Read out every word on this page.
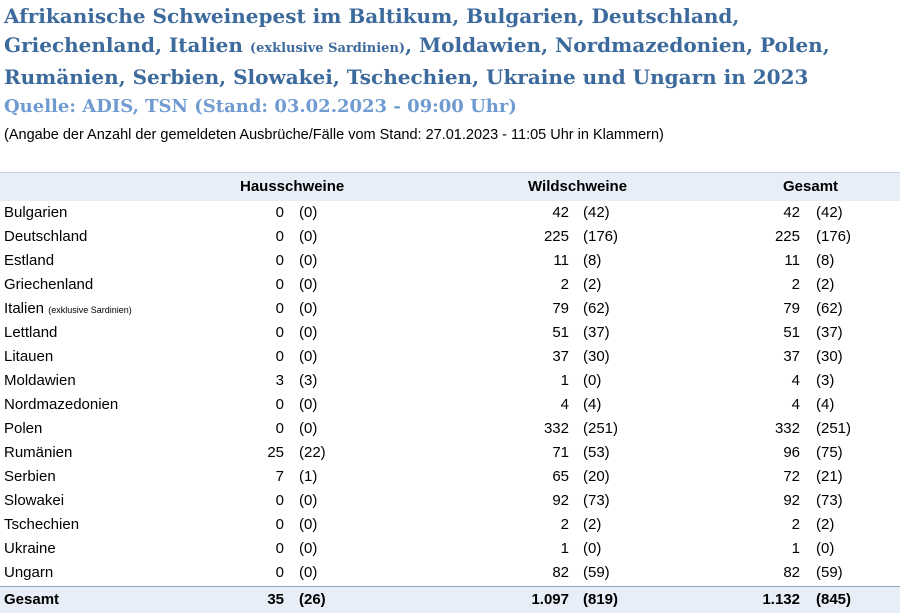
Afrikanische Schweinepest im Baltikum, Bulgarien, Deutschland, Griechenland, Italien (exklusive Sardinien), Moldawien, Nordmazedonien, Polen, Rumänien, Serbien, Slowakei, Tschechien, Ukraine und Ungarn in 2023
Quelle: ADIS, TSN (Stand: 03.02.2023 - 09:00 Uhr)
(Angabe der Anzahl der gemeldeten Ausbrüche/Fälle vom Stand: 27.01.2023 - 11:05 Uhr in Klammern)
Hausschweine	Wildschweine	Gesamt
Bulgarien	0 (0)	42 (42)	42 (42)
Deutschland	0 (0)	225 (176)	225 (176)
Estland	0 (0)	11 (8)	11 (8)
Griechenland	0 (0)	2 (2)	2 (2)
Italien (exklusive Sardinien)	0 (0)	79 (62)	79 (62)
Lettland	0 (0)	51 (37)	51 (37)
Litauen	0 (0)	37 (30)	37 (30)
Moldawien	3 (3)	1 (0)	4 (3)
Nordmazedonien	0 (0)	4 (4)	4 (4)
Polen	0 (0)	332 (251)	332 (251)
Rumänien	25 (22)	71 (53)	96 (75)
Serbien	7 (1)	65 (20)	72 (21)
Slowakei	0 (0)	92 (73)	92 (73)
Tschechien	0 (0)	2 (2)	2 (2)
Ukraine	0 (0)	1 (0)	1 (0)
Ungarn	0 (0)	82 (59)	82 (59)
Gesamt	35 (26)	1.097 (819)	1.132 (845)
